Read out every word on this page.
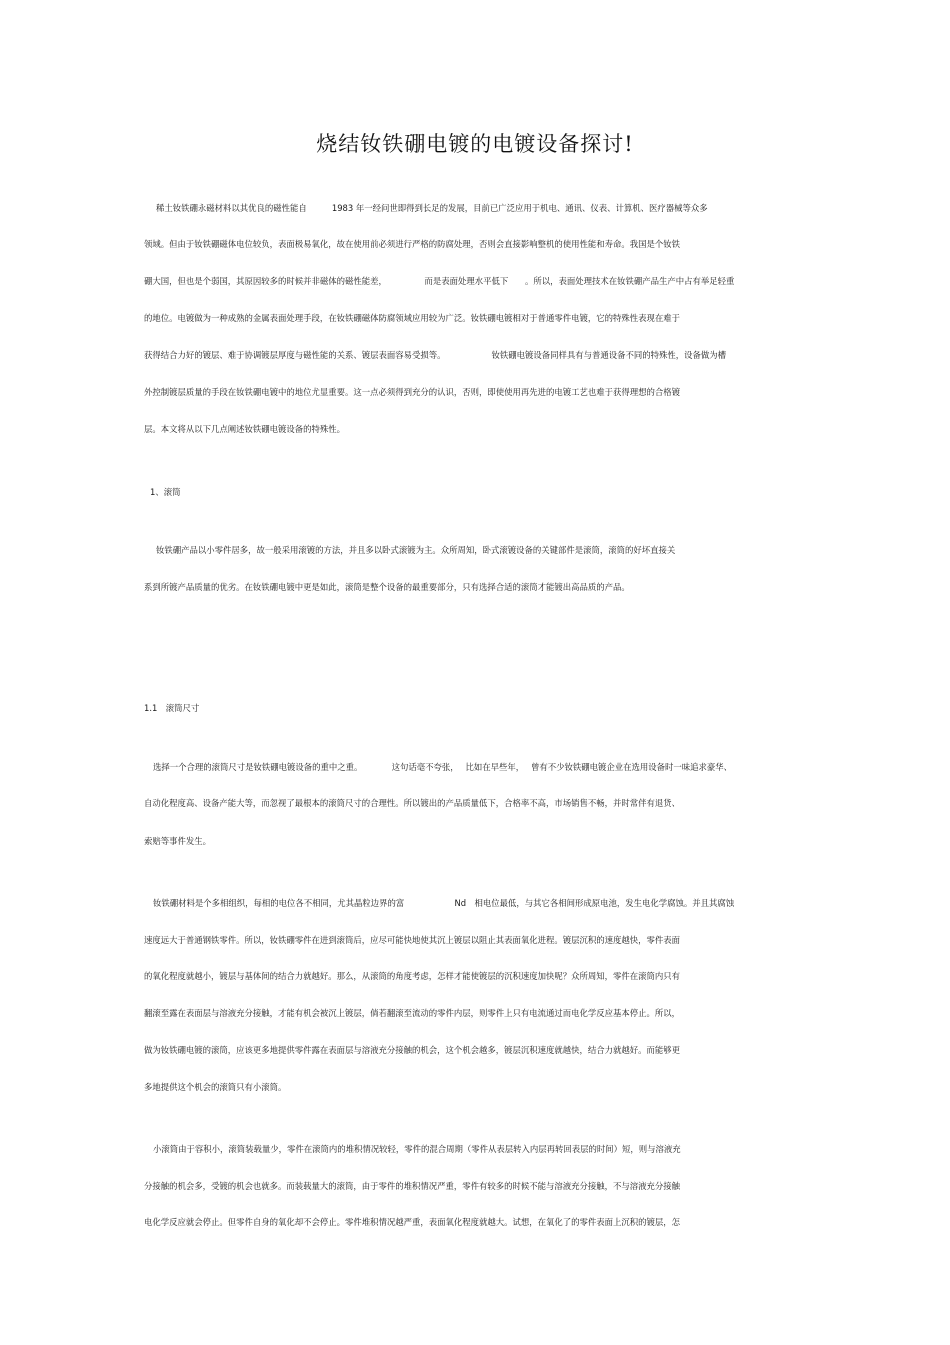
烧结钕铁硼电镀的电镀设备探讨!
稀土钕铁硼永磁材料以其优良的磁性能自　　　1983 年一经问世即得到长足的发展，目前已广泛应用于机电、通讯、仪表、计算机、医疗器械等众多
领域。但由于钕铁硼磁体电位较负，表面极易氧化，故在使用前必须进行严格的防腐处理，否则会直接影响整机的使用性能和寿命。我国是个钕铁
硼大国，但也是个弱国，其原因较多的时候并非磁体的磁性能差，　　　　　而是表面处理水平低下　　。所以，表面处理技术在钕铁硼产品生产中占有举足轻重
的地位。电镀做为一种成熟的金属表面处理手段，在钕铁硼磁体防腐领域应用较为广泛。钕铁硼电镀相对于普通零件电镀，它的特殊性表现在难于
获得结合力好的镀层、难于协调镀层厚度与磁性能的关系、镀层表面容易受损等。　　　　　　钕铁硼电镀设备同样具有与普通设备不同的特殊性，设备做为槽
外控制镀层质量的手段在钕铁硼电镀中的地位尤显重要。这一点必须得到充分的认识，否则，即使使用再先进的电镀工艺也难于获得理想的合格镀
层。本文将从以下几点阐述钕铁硼电镀设备的特殊性。
1、滚筒
钕铁硼产品以小零件居多，故一般采用滚镀的方法，并且多以卧式滚镀为主。众所周知，卧式滚镀设备的关键部件是滚筒，滚筒的好坏直接关
系到所镀产品质量的优劣。在钕铁硼电镀中更是如此，滚筒是整个设备的最重要部分，只有选择合适的滚筒才能镀出高品质的产品。
1.1　滚筒尺寸
选择一个合理的滚筒尺寸是钕铁硼电镀设备的重中之重。　　　　这句话毫不夸张，　 比如在早些年，　 曾有不少钕铁硼电镀企业在选用设备时一味追求豪华、
自动化程度高、设备产能大等，而忽视了最根本的滚筒尺寸的合理性。所以镀出的产品质量低下，合格率不高，市场销售不畅，并时常伴有退货、
索赔等事件发生。
钕铁硼材料是个多相组织，每相的电位各不相同，尤其晶粒边界的富　　　　　　Nd　相电位最低，与其它各相间形成原电池，发生电化学腐蚀。并且其腐蚀
速度远大于普通钢铁零件。所以，钕铁硼零件在进到滚筒后，应尽可能快地使其沉上镀层以阻止其表面氧化进程。镀层沉积的速度越快，零件表面
的氧化程度就越小，镀层与基体间的结合力就越好。那么，从滚筒的角度考虑，怎样才能使镀层的沉积速度加快呢？众所周知，零件在滚筒内只有
翻滚至露在表面层与溶液充分接触，才能有机会被沉上镀层，倘若翻滚至流动的零件内层，则零件上只有电流通过而电化学反应基本停止。所以，
做为钕铁硼电镀的滚筒，应该更多地提供零件露在表面层与溶液充分接触的机会，这个机会越多，镀层沉积速度就越快，结合力就越好。而能够更
多地提供这个机会的滚筒只有小滚筒。
小滚筒由于容积小，滚筒装载量少，零件在滚筒内的堆积情况较轻，零件的混合周期（零件从表层转入内层再转回表层的时间）短，则与溶液充
分接触的机会多，受镀的机会也就多。而装载量大的滚筒，由于零件的堆积情况严重，零件有较多的时候不能与溶液充分接触，不与溶液充分接触
电化学反应就会停止。但零件自身的氧化却不会停止。零件堆积情况越严重，表面氧化程度就越大。试想，在氧化了的零件表面上沉积的镀层，怎
